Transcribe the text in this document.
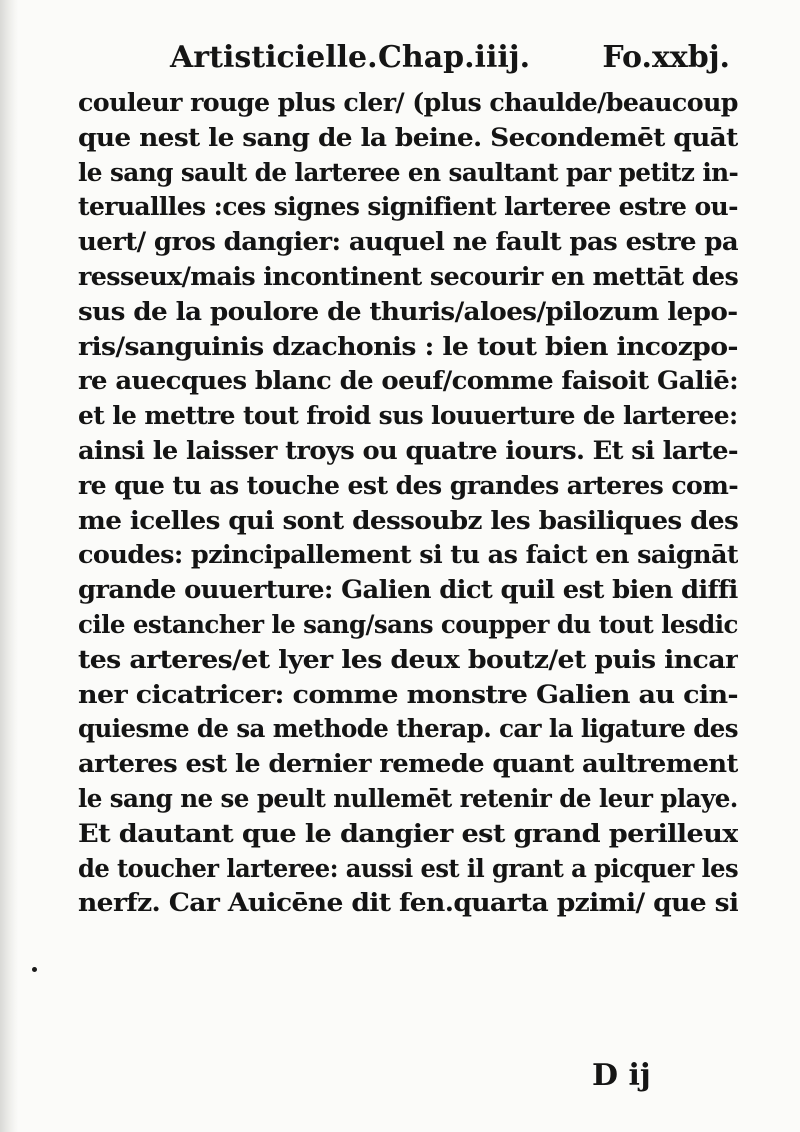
Artisticielle. Chap.iiij. Fo.xxbj.
couleur rouge plus cler/ (plus chaulde/beaucoup
que nest le sang de la beine. Secondemēt quāt
le sang sault de larteree en saultant par petitz in-
teruallles :ces signes signifient larteree estre ou-
uert/ gros dangier: auquel ne fault pas estre pa
resseux/mais incontinent secourir en mettāt des
sus de la poulore de thuris/aloes/pilozum lepo-
ris/sanguinis dzachonis : le tout bien incozpo-
re auecques blanc de oeuf/comme faisoit Galiē:
et le mettre tout froid sus louuerture de larteree:
ainsi le laisser troys ou quatre iours. Et si larte-
re que tu as touche est des grandes arteres com-
me icelles qui sont dessoubz les basiliques des
coudes: pzincipallement si tu as faict en saignāt
grande ouuerture: Galien dict quil est bien diffi
cile estancher le sang/sans coupper du tout lesdic
tes arteres/et lyer les deux boutz/et puis incar
ner cicatricer: comme monstre Galien au cin-
quiesme de sa methode therap. car la ligature des
arteres est le dernier remede quant aultrement
le sang ne se peult nullemēt retenir de leur playe.
Et dautant que le dangier est grand perilleux
de toucher larteree: aussi est il grant a picquer les
nerfz. Car Auicēne dit fen.quarta pzimi/ que si
D ij
